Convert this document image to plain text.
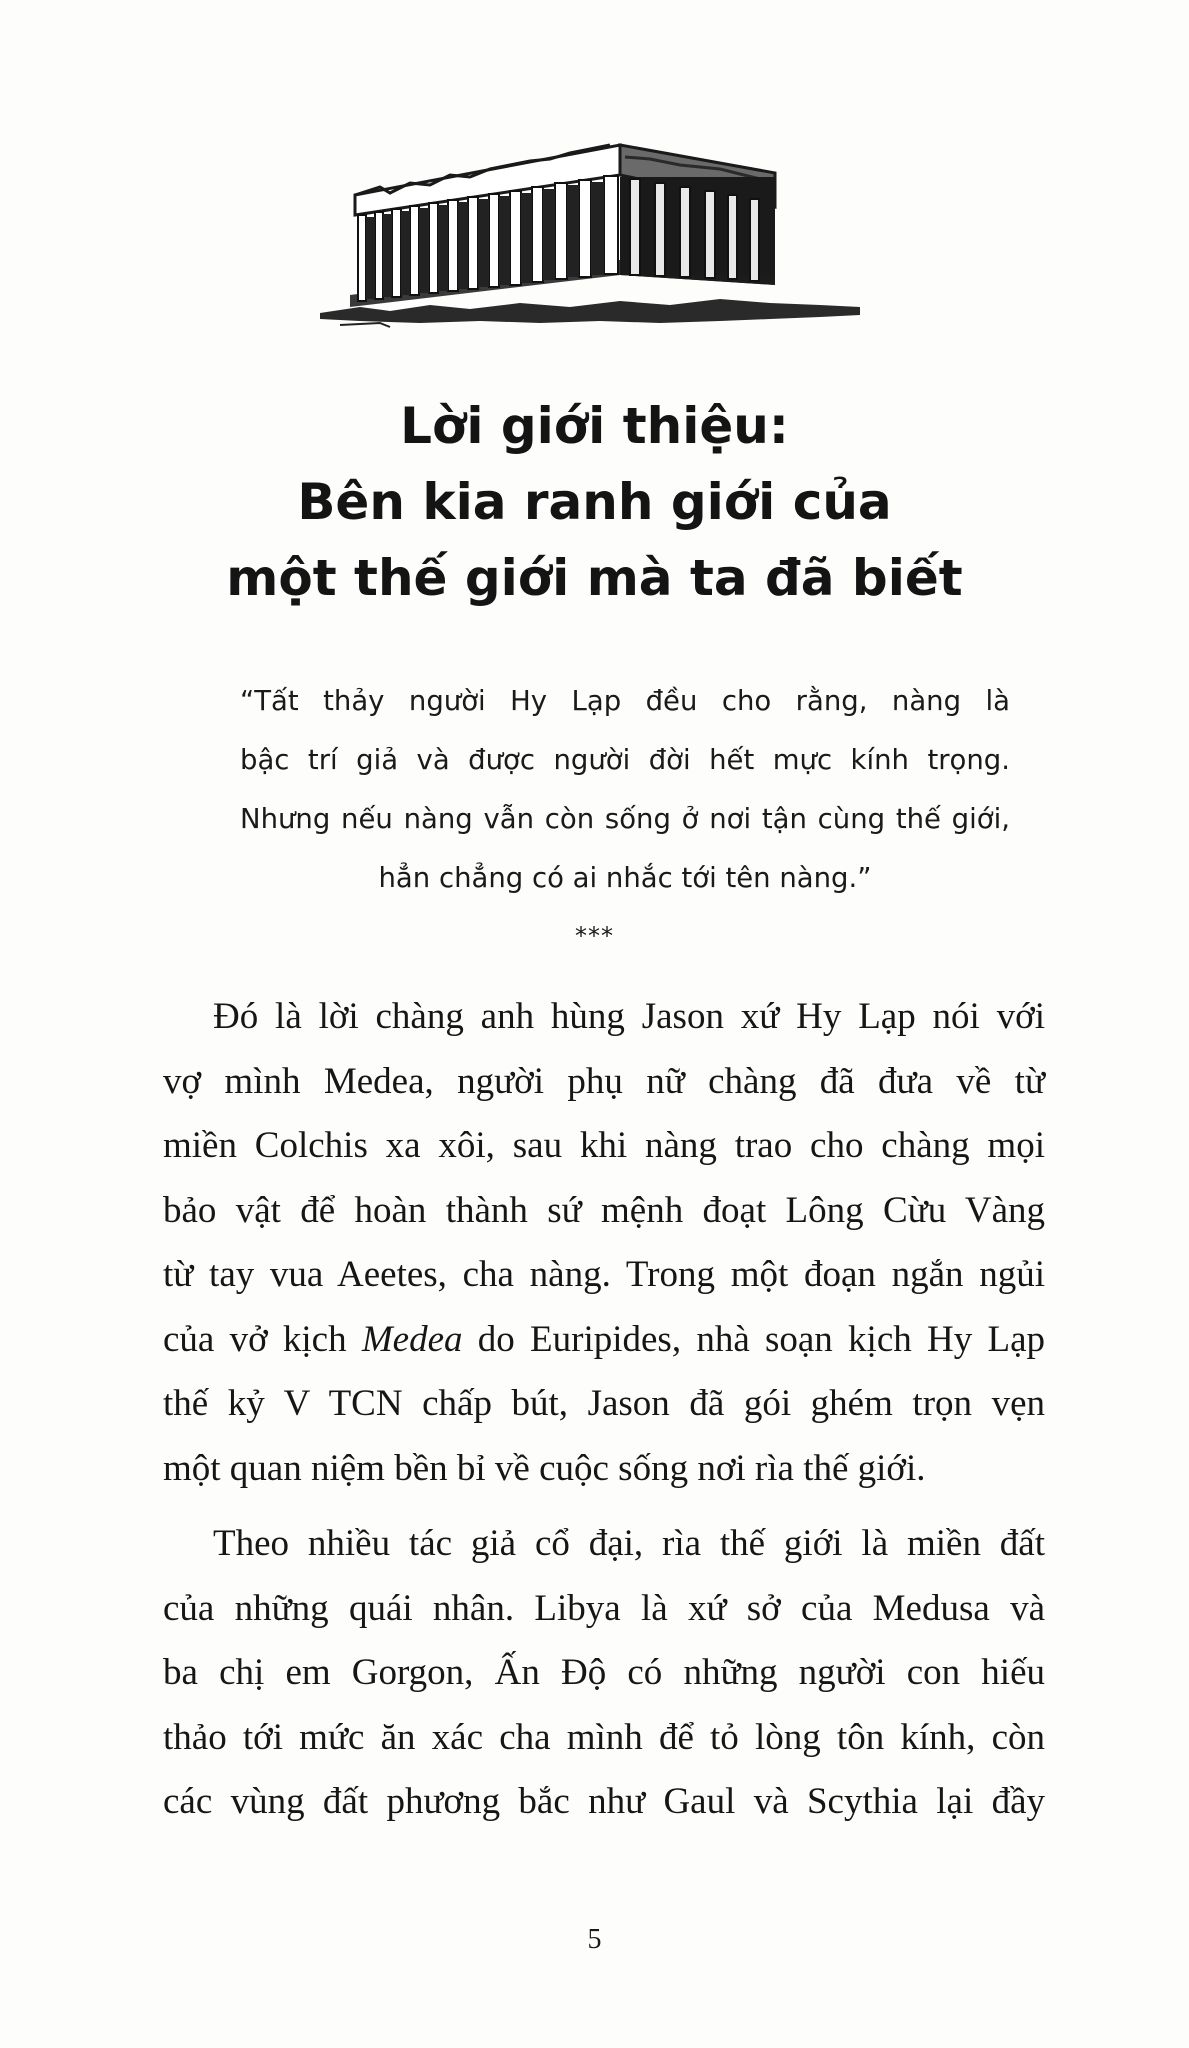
Lời giới thiệu:
Bên kia ranh giới của
một thế giới mà ta đã biết
“Tất thảy người Hy Lạp đều cho rằng, nàng là
bậc trí giả và được người đời hết mực kính trọng.
Nhưng nếu nàng vẫn còn sống ở nơi tận cùng thế giới,
hẳn chẳng có ai nhắc tới tên nàng.”
***
Đó là lời chàng anh hùng Jason xứ Hy Lạp nói với
vợ mình Medea, người phụ nữ chàng đã đưa về từ
miền Colchis xa xôi, sau khi nàng trao cho chàng mọi
bảo vật để hoàn thành sứ mệnh đoạt Lông Cừu Vàng
từ tay vua Aeetes, cha nàng. Trong một đoạn ngắn ngủi
của vở kịch Medea do Euripides, nhà soạn kịch Hy Lạp
thế kỷ V TCN chấp bút, Jason đã gói ghém trọn vẹn
một quan niệm bền bỉ về cuộc sống nơi rìa thế giới.
Theo nhiều tác giả cổ đại, rìa thế giới là miền đất
của những quái nhân. Libya là xứ sở của Medusa và
ba chị em Gorgon, Ấn Độ có những người con hiếu
thảo tới mức ăn xác cha mình để tỏ lòng tôn kính, còn
các vùng đất phương bắc như Gaul và Scythia lại đầy
5
